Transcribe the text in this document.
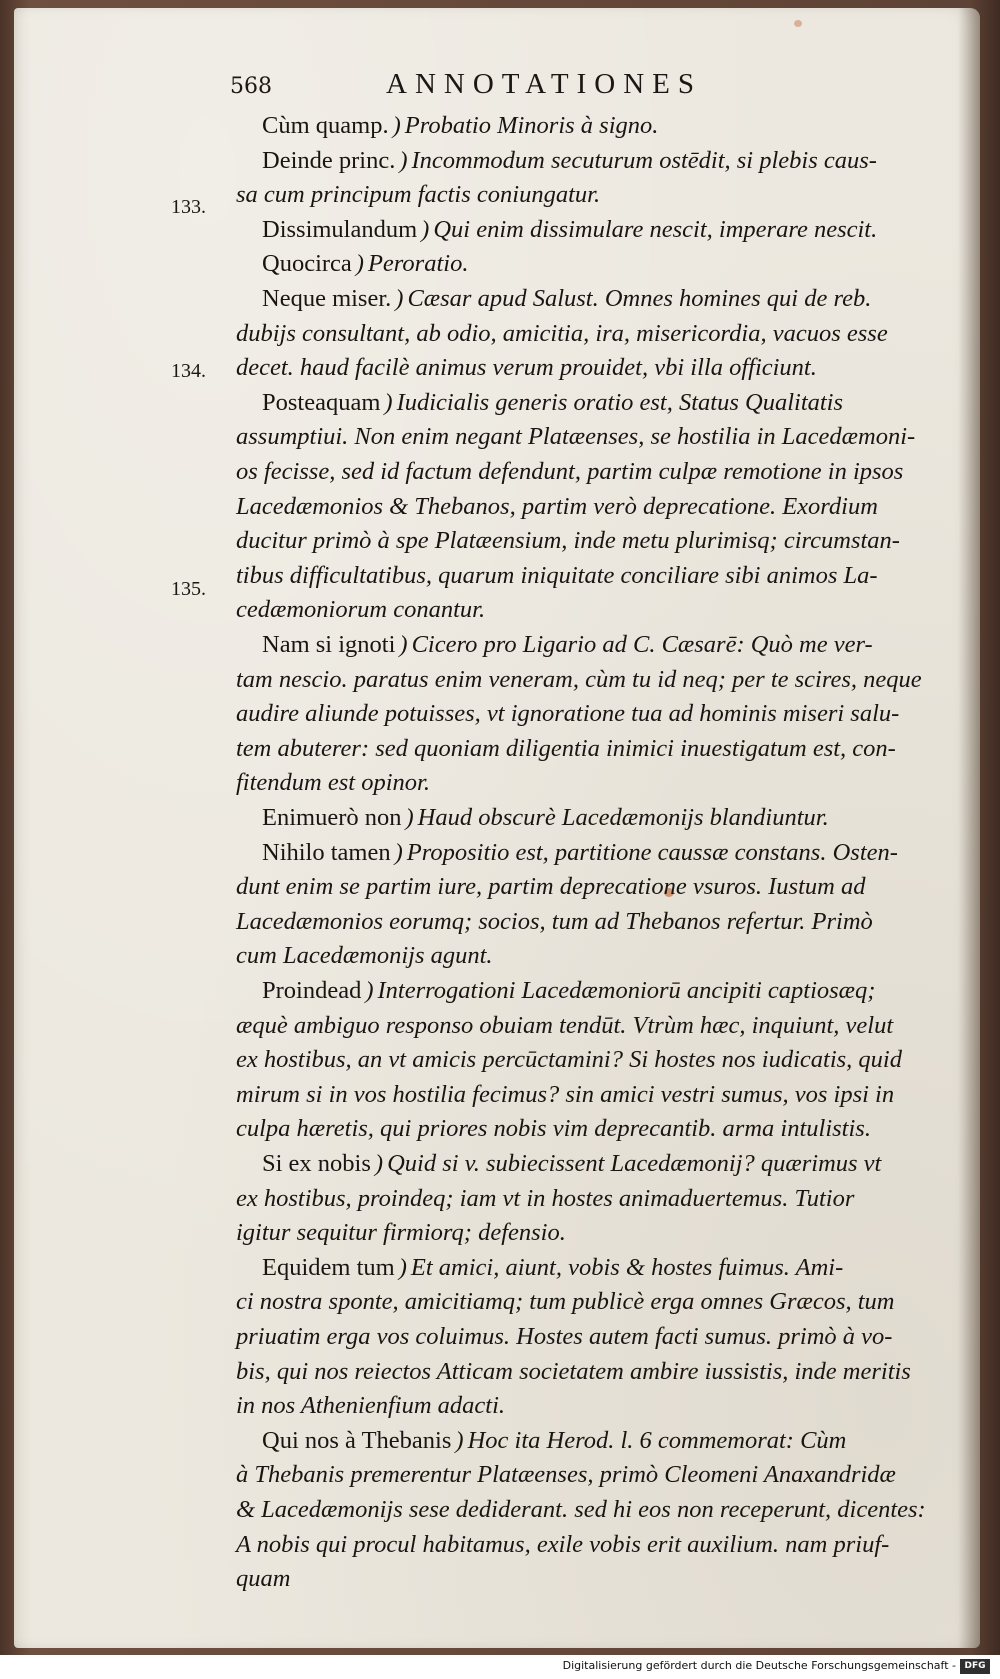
568	ANNOTATIONES
133.
134.
135.
Cùm quamp. ) Probatio Minoris à signo.
Deinde princ. ) Incommodum secuturum ostēdit, si plebis caus-
sa cum principum factis coniungatur.
Dissimulandum ) Qui enim dissimulare nescit, imperare nescit.
Quocirca ) Peroratio.
Neque miser. ) Cæsar apud Salust. Omnes homines qui de reb.
dubijs consultant, ab odio, amicitia, ira, misericordia, vacuos esse
decet. haud facilè animus verum prouidet, vbi illa officiunt.
Posteaquam ) Iudicialis generis oratio est, Status Qualitatis
assumptiui. Non enim negant Platæenses, se hostilia in Lacedæmoni-
os fecisse, sed id factum defendunt, partim culpæ remotione in ipsos
Lacedæmonios & Thebanos, partim verò deprecatione. Exordium
ducitur primò à spe Platæensium, inde metu plurimisq; circumstan-
tibus difficultatibus, quarum iniquitate conciliare sibi animos La-
cedæmoniorum conantur.
Nam si ignoti ) Cicero pro Ligario ad C. Cæsarē: Quò me ver-
tam nescio. paratus enim veneram, cùm tu id neq; per te scires, neque
audire aliunde potuisses, vt ignoratione tua ad hominis miseri salu-
tem abuterer: sed quoniam diligentia inimici inuestigatum est, con-
fitendum est opinor.
Enimuerò non ) Haud obscurè Lacedæmonijs blandiuntur.
Nihilo tamen ) Propositio est, partitione caussæ constans. Osten-
dunt enim se partim iure, partim deprecatione vsuros. Iustum ad
Lacedæmonios eorumq; socios, tum ad Thebanos refertur. Primò
cum Lacedæmonijs agunt.
Proindead ) Interrogationi Lacedæmoniorū ancipiti captiosæq;
æquè ambiguo responso obuiam tendūt. Vtrùm hæc, inquiunt, velut
ex hostibus, an vt amicis percūctamini? Si hostes nos iudicatis, quid
mirum si in vos hostilia fecimus? sin amici vestri sumus, vos ipsi in
culpa hæretis, qui priores nobis vim deprecantib. arma intulistis.
Si ex nobis ) Quid si v. subiecissent Lacedæmonij? quærimus vt
ex hostibus, proindeq; iam vt in hostes animaduertemus. Tutior
igitur sequitur firmiorq; defensio.
Equidem tum ) Et amici, aiunt, vobis & hostes fuimus. Ami-
ci nostra sponte, amicitiamq; tum publicè erga omnes Græcos, tum
priuatim erga vos coluimus. Hostes autem facti sumus. primò à vo-
bis, qui nos reiectos Atticam societatem ambire iussistis, inde meritis
in nos Athenienfium adacti.
Qui nos à Thebanis ) Hoc ita Herod. l. 6 commemorat: Cùm
à Thebanis premerentur Platæenses, primò Cleomeni Anaxandridæ
& Lacedæmonijs sese dediderant. sed hi eos non receperunt, dicentes:
A nobis qui procul habitamus, exile vobis erit auxilium. nam priuf-
quam
Digitalisierung gefördert durch die Deutsche Forschungsgemeinschaft - DFG
